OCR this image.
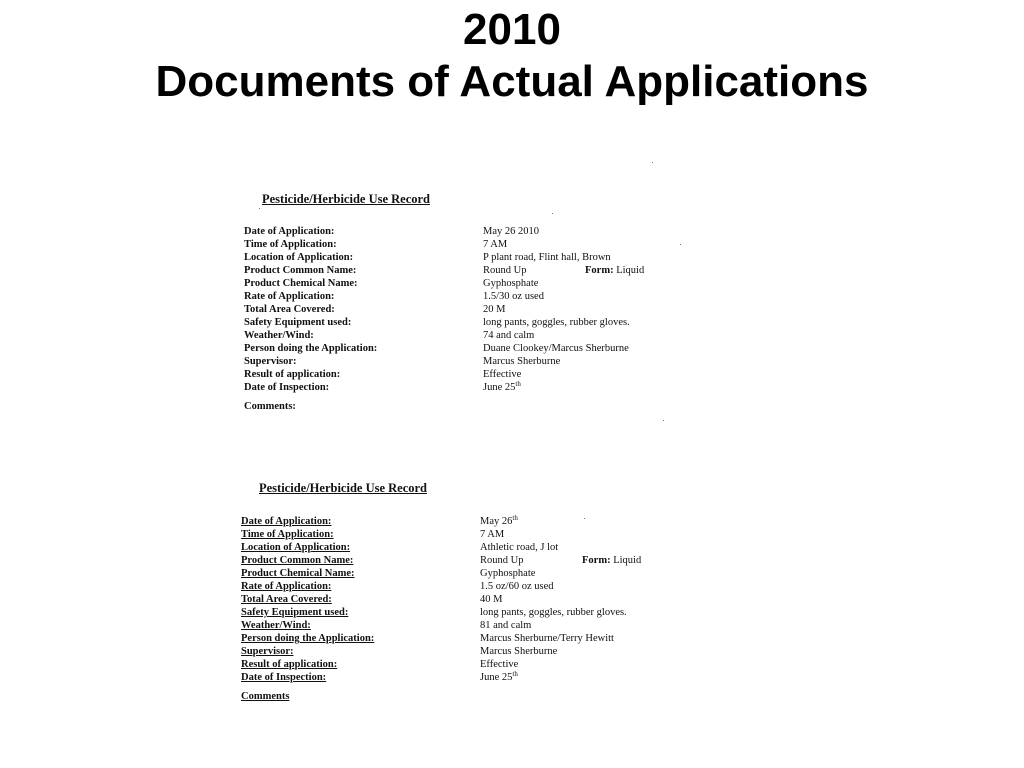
2010
Documents of Actual Applications
Pesticide/Herbicide Use Record
Date of Application:	May 26 2010
Time of Application:	7 AM
Location of Application:	P plant road, Flint hall, Brown
Product Common Name:	Round Up	Form: Liquid
Product Chemical Name:	Gyphosphate
Rate of Application:	1.5/30 oz used
Total Area Covered:	20 M
Safety Equipment used:	long pants, goggles, rubber gloves.
Weather/Wind:	74 and calm
Person doing the Application:	Duane Clookey/Marcus Sherburne
Supervisor:	Marcus Sherburne
Result of application:	Effective
Date of Inspection:	June 25th
Comments:
Pesticide/Herbicide Use Record
Date of Application:	May 26th
Time of Application:	7 AM
Location of Application:	Athletic road, J lot
Product Common Name:	Round Up	Form: Liquid
Product Chemical Name:	Gyphosphate
Rate of Application:	1.5 oz/60 oz used
Total Area Covered:	40 M
Safety Equipment used:	long pants, goggles, rubber gloves.
Weather/Wind:	81 and calm
Person doing the Application:	Marcus Sherburne/Terry Hewitt
Supervisor:	Marcus Sherburne
Result of application:	Effective
Date of Inspection:	June 25th
Comments
